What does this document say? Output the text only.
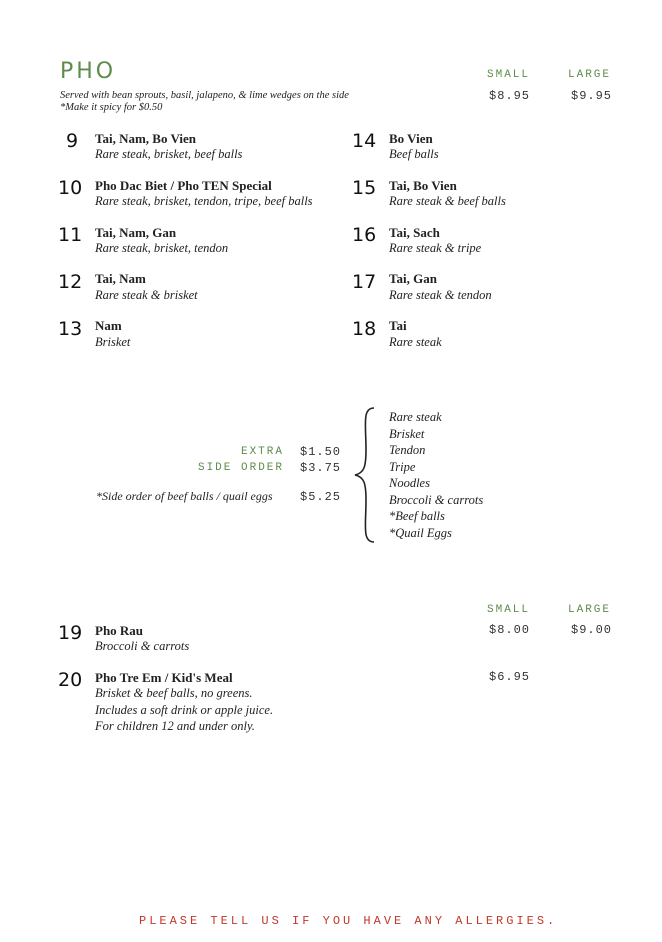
PHO
Served with bean sprouts, basil, jalapeno, & lime wedges on the side
*Make it spicy for $0.50
SMALL	LARGE
$8.95	$9.95
9 Tai, Nam, Bo Vien
Rare steak, brisket, beef balls
10 Pho Dac Biet / Pho TEN Special
Rare steak, brisket, tendon, tripe, beef balls
11 Tai, Nam, Gan
Rare steak, brisket, tendon
12 Tai, Nam
Rare steak & brisket
13 Nam
Brisket
14 Bo Vien
Beef balls
15 Tai, Bo Vien
Rare steak & beef balls
16 Tai, Sach
Rare steak & tripe
17 Tai, Gan
Rare steak & tendon
18 Tai
Rare steak
EXTRA $1.50
SIDE ORDER $3.75
*Side order of beef balls / quail eggs $5.25
Rare steak
Brisket
Tendon
Tripe
Noodles
Broccoli & carrots
*Beef balls
*Quail Eggs
SMALL	LARGE
19 Pho Rau
Broccoli & carrots
$8.00	$9.00
20 Pho Tre Em / Kid's Meal
Brisket & beef balls, no greens.
Includes a soft drink or apple juice.
For children 12 and under only.
$6.95
PLEASE TELL US IF YOU HAVE ANY ALLERGIES.
